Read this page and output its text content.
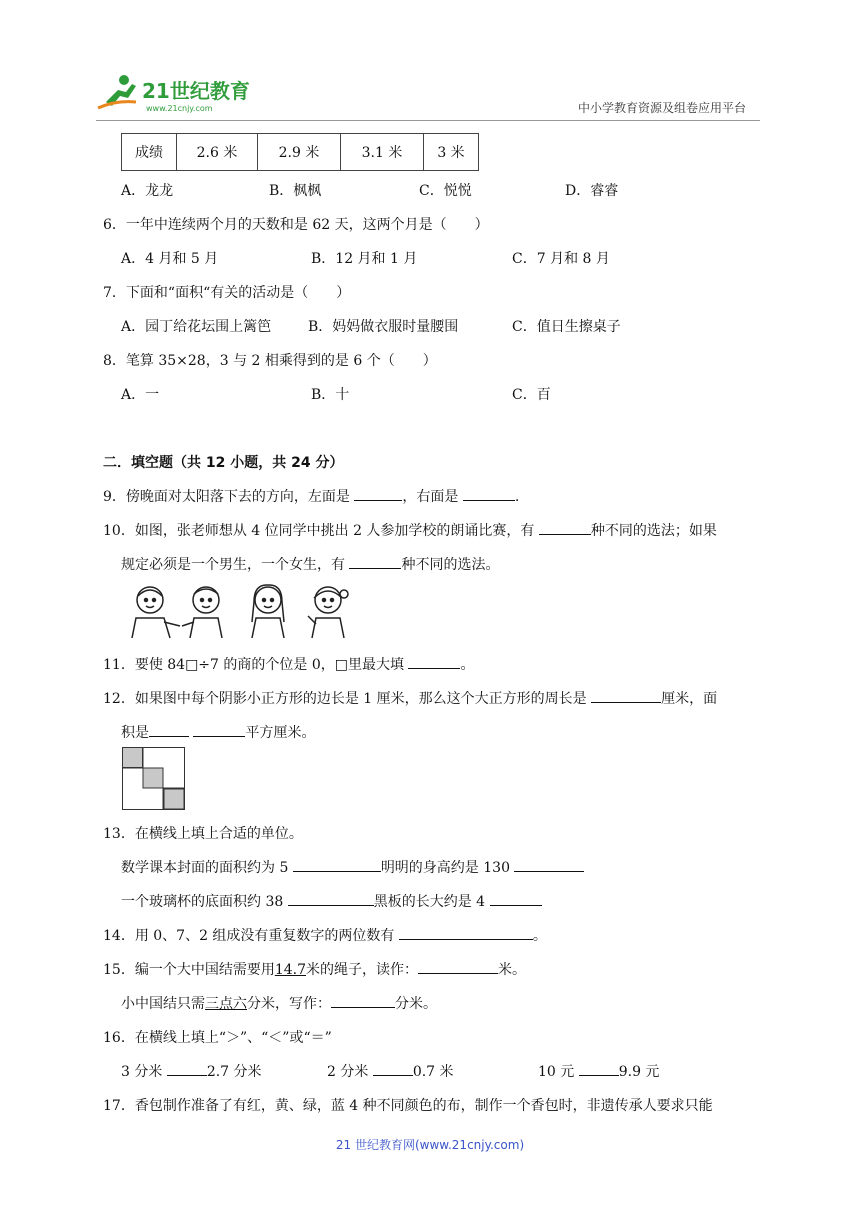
21世纪教育
www.21cnjy.com	中小学教育资源及组卷应用平台
成绩	2.6 米	2.9 米	3.1 米	3 米
A．龙龙	B．枫枫	C．悦悦	D．睿睿
6．一年中连续两个月的天数和是 62 天，这两个月是（　　）
A．4 月和 5 月	B．12 月和 1 月	C．7 月和 8 月
7．下面和“面积“有关的活动是（　　）
A．园丁给花坛围上篱笆	B．妈妈做衣服时量腰围	C．值日生擦桌子
8．笔算 35×28，3 与 2 相乘得到的是 6 个（　　）
A．一	B．十	C．百
二．填空题（共 12 小题，共 24 分）
9．傍晚面对太阳落下去的方向，左面是	，右面是	.
10．如图，张老师想从 4 位同学中挑出 2 人参加学校的朗诵比赛，有	种不同的选法；如果
规定必须是一个男生，一个女生，有	种不同的选法。
11．要使 84□÷7 的商的个位是 0，□里最大填	。
12．如果图中每个阴影小正方形的边长是 1 厘米，那么这个大正方形的周长是	厘米，面
积是	平方厘米。
13．在横线上填上合适的单位。
数学课本封面的面积约为 5	明明的身高约是 130
一个玻璃杯的底面积约 38	黑板的长大约是 4
14．用 0、7、2 组成没有重复数字的两位数有	。
15．编一个大中国结需要用14.7米的绳子，读作：	米。
小中国结只需三点六分米，写作：	分米。
16．在横线上填上“＞”、“＜”或“＝”
3 分米	2.7 分米	2 分米	0.7 米	10 元	9.9 元
17．香包制作准备了有红，黄、绿，蓝 4 种不同颜色的布，制作一个香包时，非遗传承人要求只能
21 世纪教育网(www.21cnjy.com)
